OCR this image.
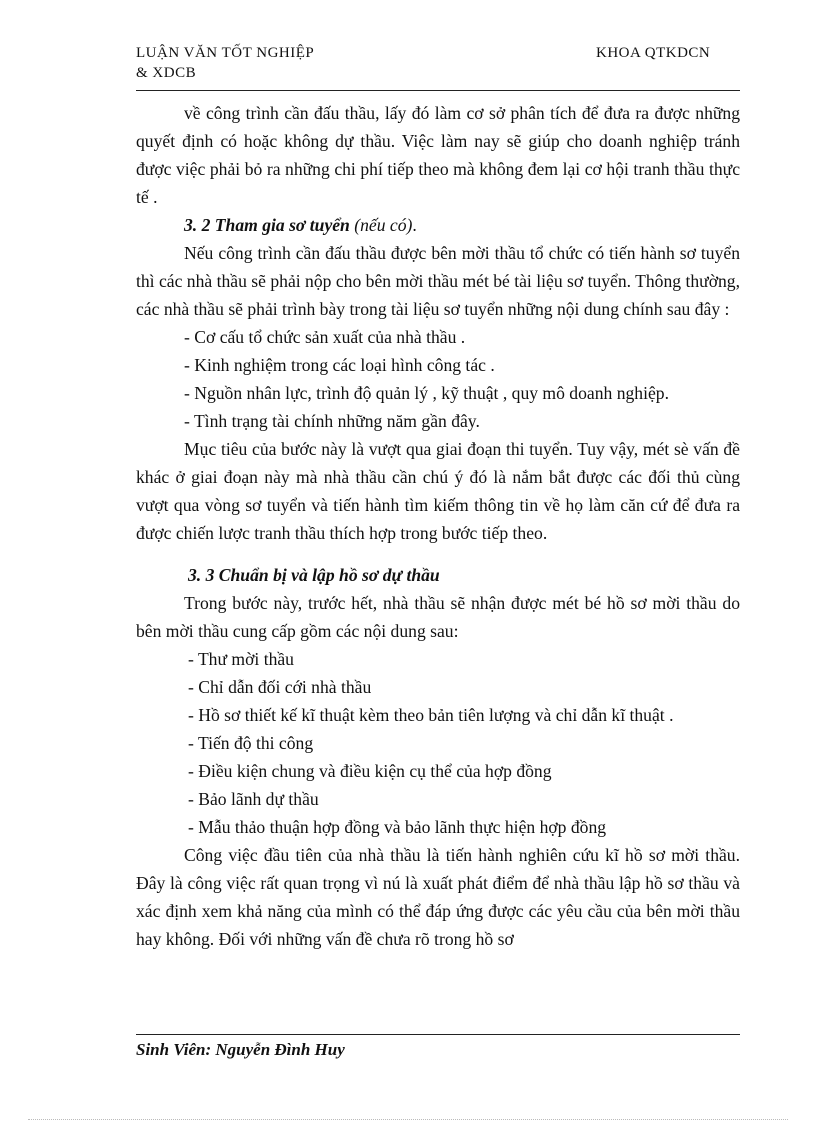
LUẬN VĂN TỐT NGHIỆP	KHOA QTKDCN
& XDCB

về công trình cần đấu thầu, lấy đó làm cơ sở phân tích để đưa ra được những quyết định có hoặc không dự thầu. Việc làm nay sẽ giúp cho doanh nghiệp tránh được việc phải bỏ ra những chi phí tiếp theo mà không đem lại cơ hội tranh thầu thực tế .

3. 2 Tham gia sơ tuyển (nếu có).

Nếu công trình cần đấu thầu được bên mời thầu tổ chức có tiến hành sơ tuyển thì các nhà thầu sẽ phải nộp cho bên mời thầu mét bé tài liệu sơ tuyển. Thông thường, các nhà thầu sẽ phải trình bày trong tài liệu sơ tuyển những nội dung chính sau đây :

- Cơ cấu tổ chức sản xuất của nhà thầu .

- Kinh nghiệm trong các loại hình công tác .

- Nguồn nhân lực, trình độ quản lý , kỹ thuật , quy mô doanh nghiệp.

- Tình trạng tài chính những năm gần đây.

Mục tiêu của bước này là vượt qua giai đoạn thi tuyển. Tuy vậy, mét sè vấn đề khác ở giai đoạn này mà nhà thầu cần chú ý đó là nắm bắt được các đối thủ cùng vượt qua vòng sơ tuyển và tiến hành tìm kiếm thông tin về họ làm căn cứ để đưa ra được chiến lược tranh thầu thích hợp trong bước tiếp theo.

3. 3 Chuẩn bị và lập hồ sơ dự thầu

Trong bước này, trước hết, nhà thầu sẽ nhận được mét bé hồ sơ mời thầu do bên mời thầu cung cấp gồm các nội dung sau:

- Thư mời thầu

- Chỉ dẫn đối cới nhà thầu

- Hồ sơ thiết kế kĩ thuật kèm theo bản tiên lượng và chỉ dẫn kĩ thuật .

- Tiến độ thi công

- Điều kiện chung và điều kiện cụ thể của hợp đồng

- Bảo lãnh dự thầu

- Mẫu thảo thuận hợp đồng và bảo lãnh thực hiện hợp đồng

Công việc đầu tiên của nhà thầu là tiến hành nghiên cứu kĩ hồ sơ mời thầu. Đây là công việc rất quan trọng vì nú là xuất phát điểm để nhà thầu lập hồ sơ thầu và xác định xem khả năng của mình có thể đáp ứng được các yêu cầu của bên mời thầu hay không. Đối với những vấn đề chưa rõ trong hồ sơ

Sinh Viên: Nguyễn Đình Huy
